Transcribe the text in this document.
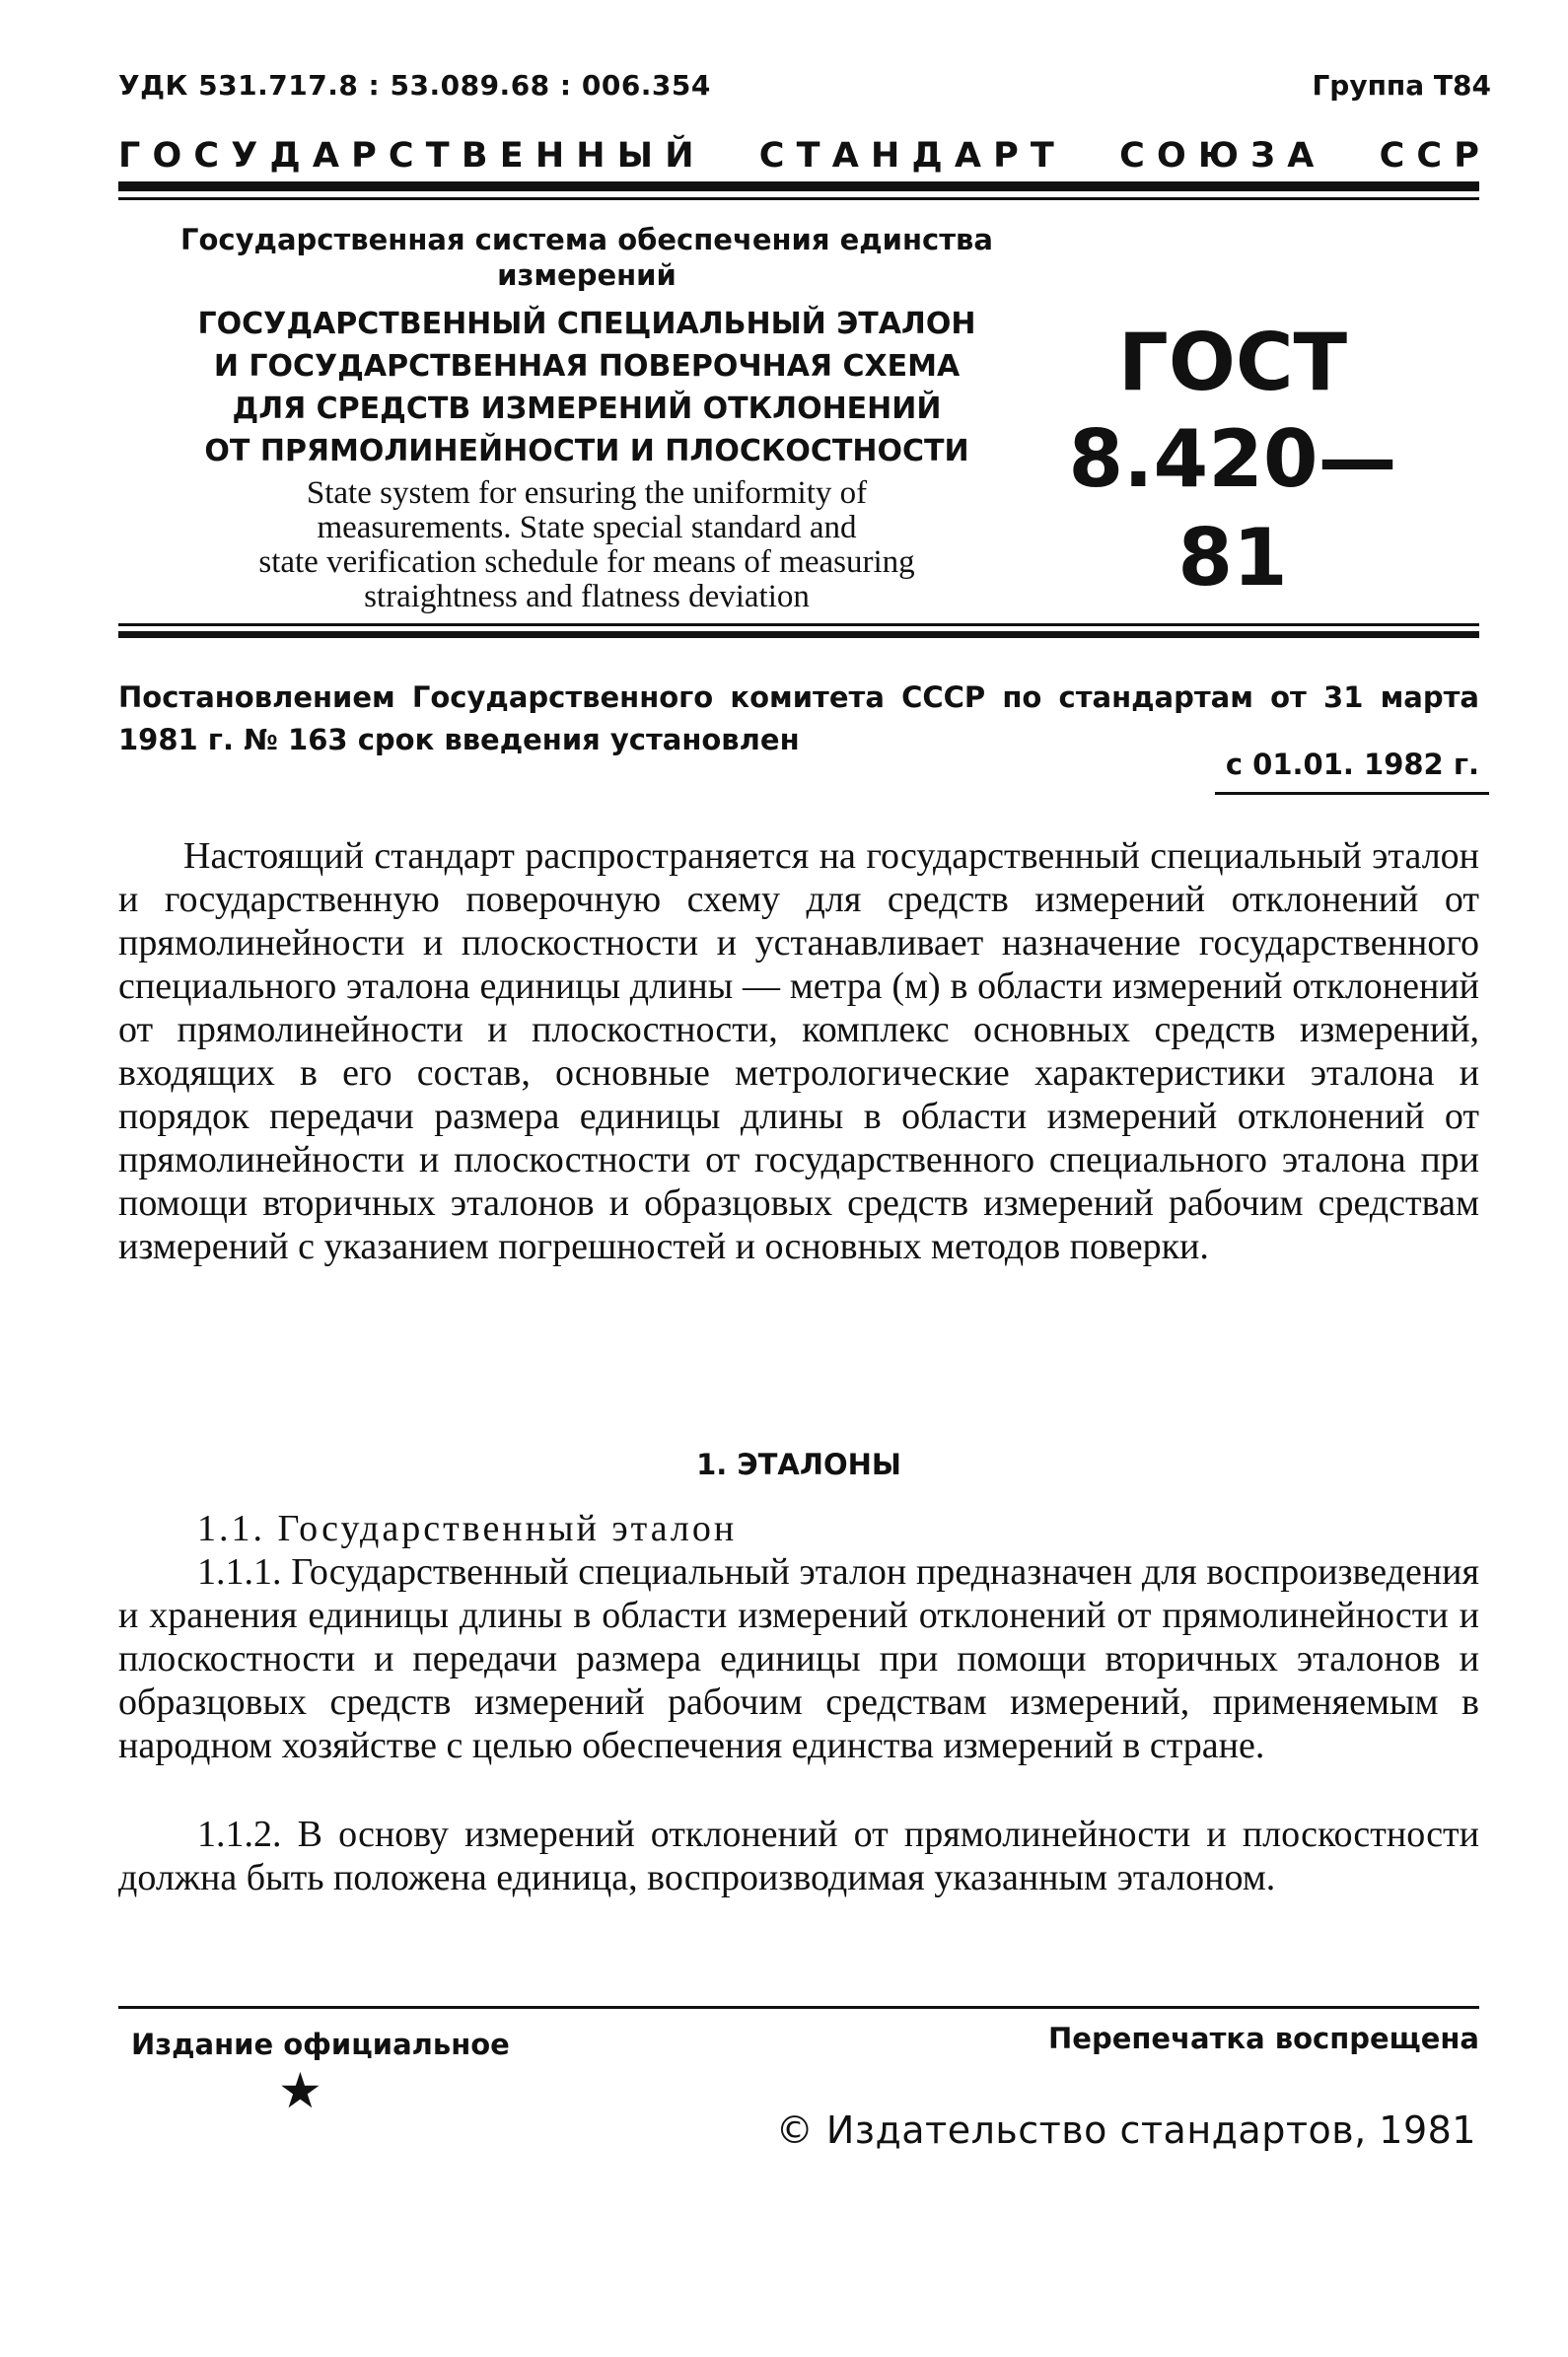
УДК 531.717.8 : 53.089.68 : 006.354	Группа Т84
Г О С У Д А Р С Т В Е Н Н Ы Й С Т А Н Д А Р Т С О Ю З А С С Р
Государственная система обеспечения единства
измерений
ГОСУДАРСТВЕННЫЙ СПЕЦИАЛЬНЫЙ ЭТАЛОН
И ГОСУДАРСТВЕННАЯ ПОВЕРОЧНАЯ СХЕМА
ДЛЯ СРЕДСТВ ИЗМЕРЕНИЙ ОТКЛОНЕНИЙ
ОТ ПРЯМОЛИНЕЙНОСТИ И ПЛОСКОСТНОСТИ
State system for ensuring the uniformity of
measurements. State special standard and
state verification schedule for means of measuring
straightness and flatness deviation
ГОСТ
8.420—81
Постановлением Государственного комитета СССР по стандартам от 31 марта 1981 г. № 163 срок введения установлен
с 01.01. 1982 г.
Настоящий стандарт распространяется на государственный специальный эталон и государственную поверочную схему для средств измерений отклонений от прямолинейности и плоскостности и устанавливает назначение государственного специального эталона единицы длины — метра (м) в области измерений отклонений от прямолинейности и плоскостности, комплекс основных средств измерений, входящих в его состав, основные метрологические характеристики эталона и порядок передачи размера единицы длины в области измерений отклонений от прямолинейности и плоскостности от государственного специального эталона при помощи вторичных эталонов и образцовых средств измерений рабочим средствам измерений с указанием погрешностей и основных методов поверки.
1. ЭТАЛОНЫ
1.1. Государственный эталон
1.1.1. Государственный специальный эталон предназначен для воспроизведения и хранения единицы длины в области измерений отклонений от прямолинейности и плоскостности и передачи размера единицы при помощи вторичных эталонов и образцовых средств измерений рабочим средствам измерений, применяемым в народном хозяйстве с целью обеспечения единства измерений в стране.
1.1.2. В основу измерений отклонений от прямолинейности и плоскостности должна быть положена единица, воспроизводимая указанным эталоном.
Издание официальное	Перепечатка воспрещена
★
© Издательство стандартов, 1981
